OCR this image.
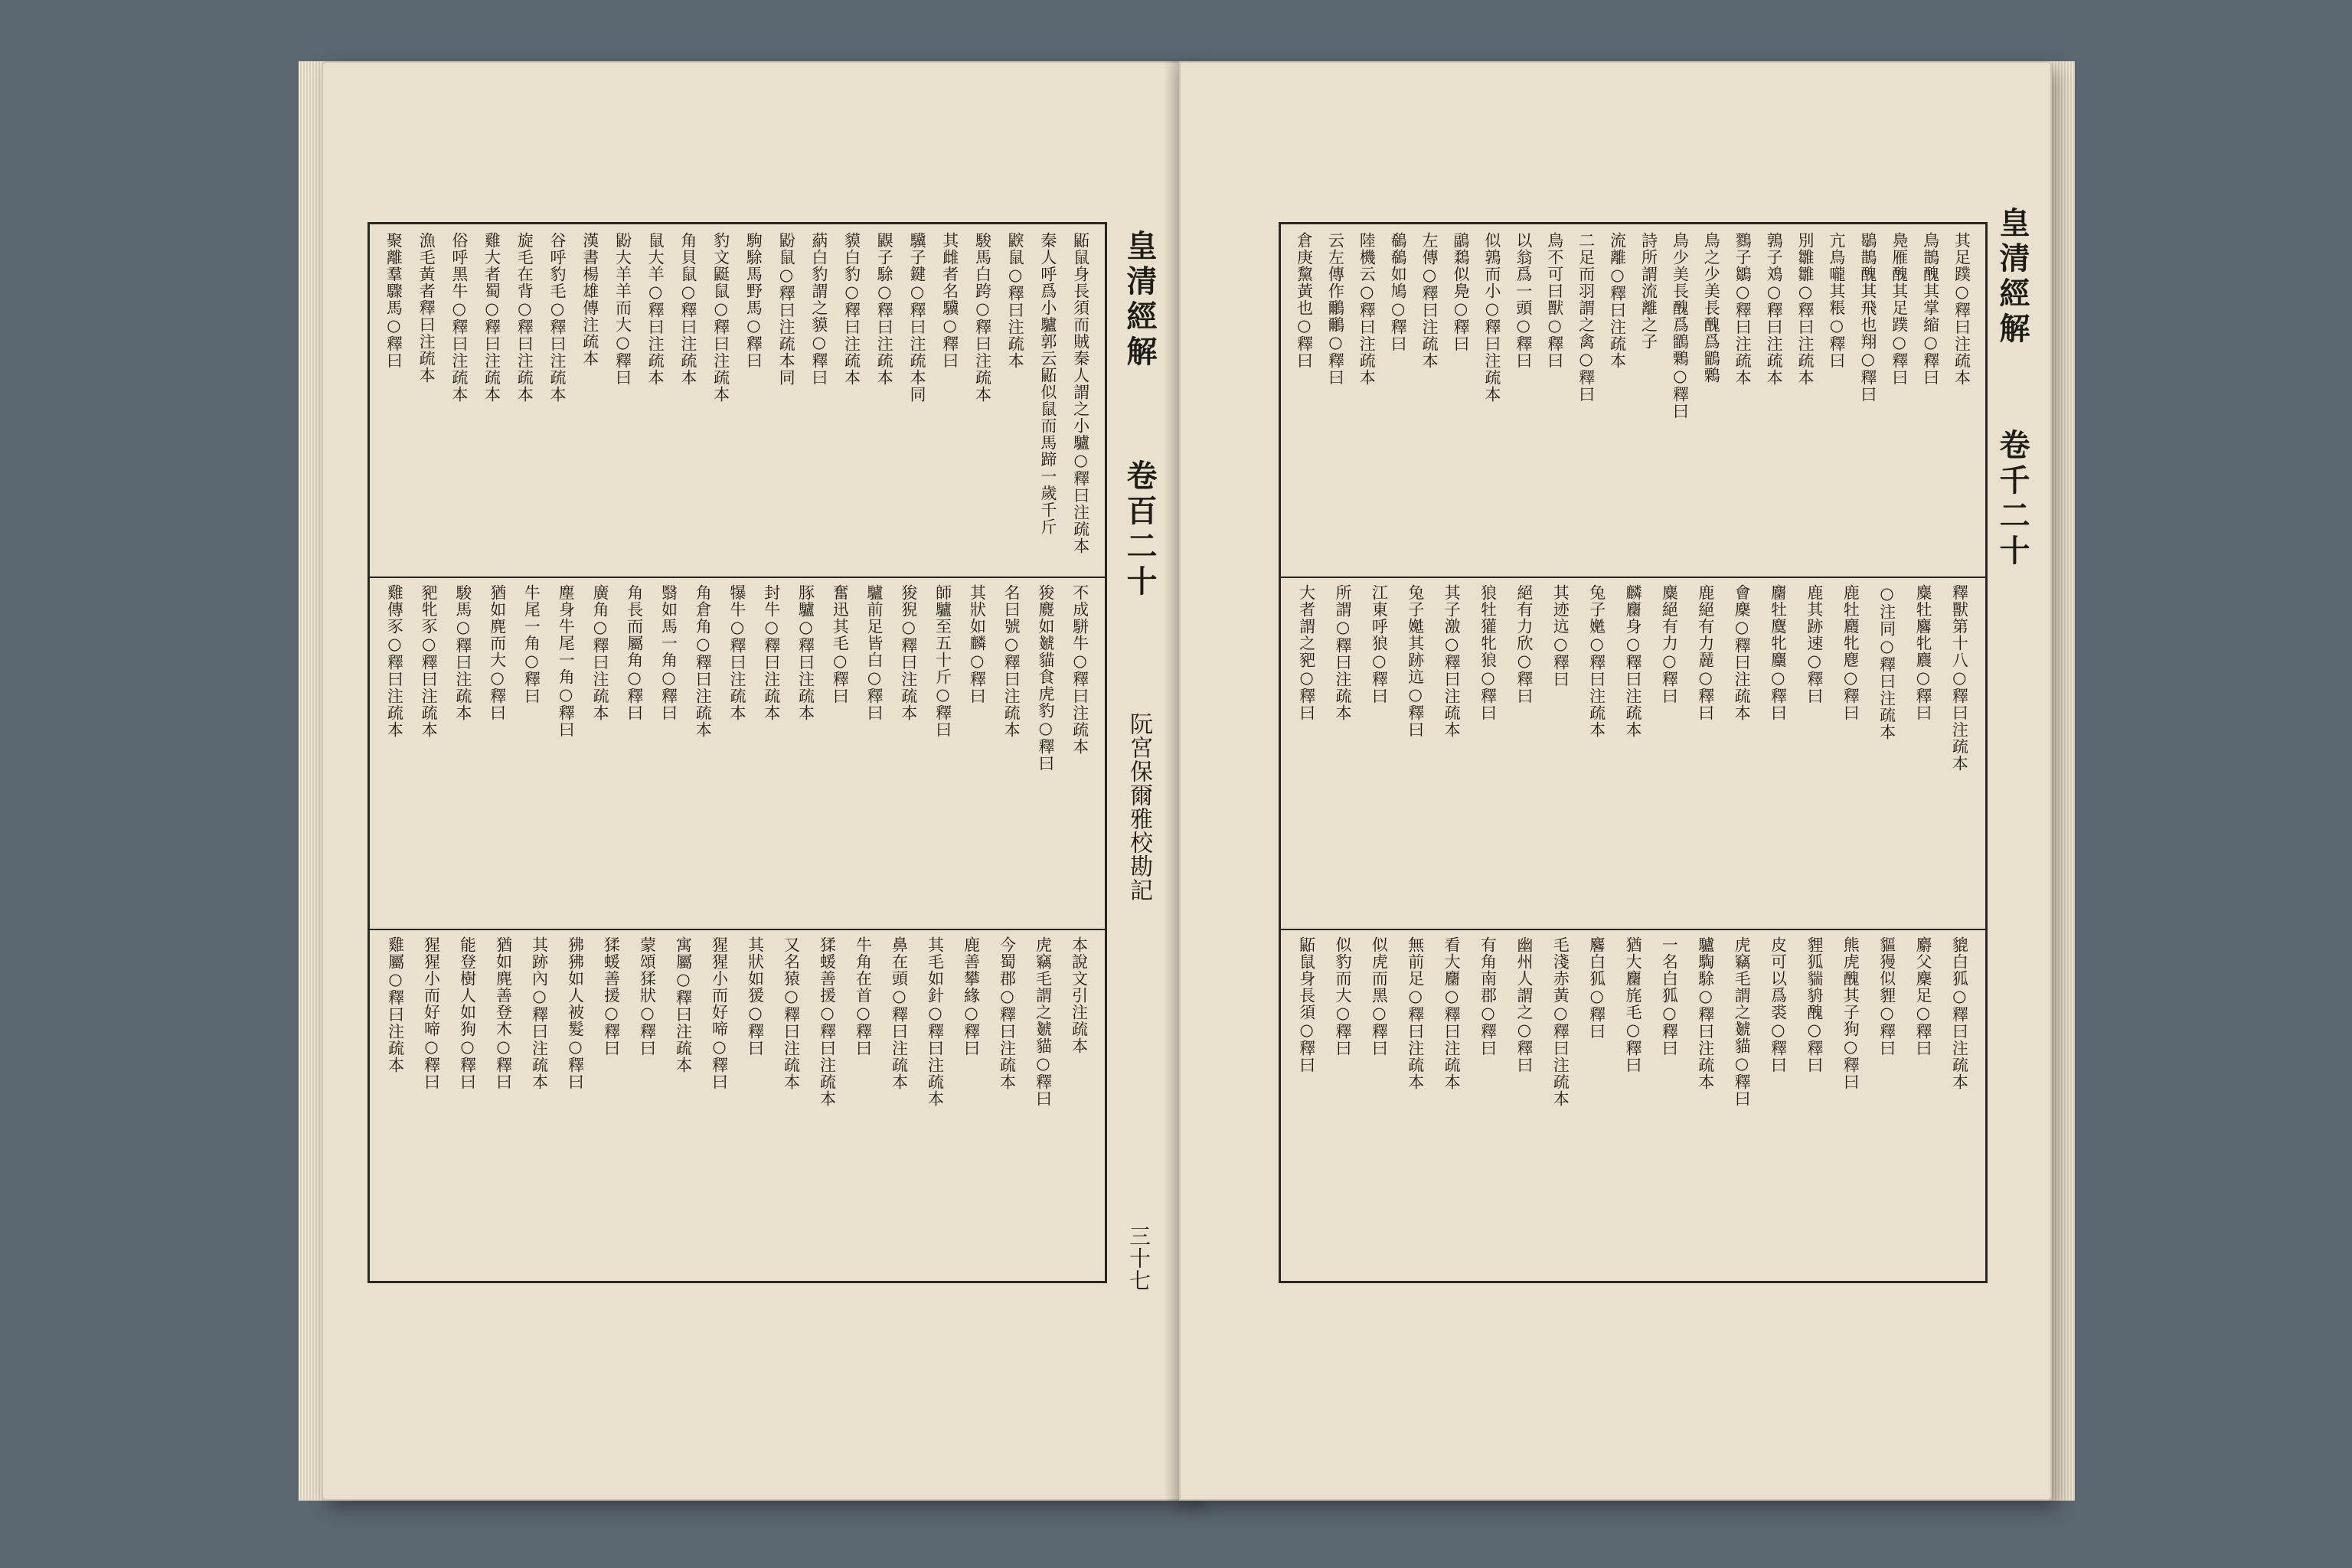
皇清經解
卷百二十
阮宮保爾雅校勘記
三十七
鼫鼠身長須而賊秦人謂之小驢○釋曰注疏本
秦人呼爲小驢郭云鼫似鼠而馬蹄一歲千斤
鼵鼠○釋曰注疏本
駿馬白跨○釋曰注疏本
其雌者名驥○釋曰
驥子鍵○釋曰注疏本同
鼳子駼○釋曰注疏本
貘白豹○釋曰注疏本
蒳白豹謂之貘○釋曰
鼢鼠○釋曰注疏本同
駒駼馬野馬○釋曰
豹文鼮鼠○釋曰注疏本
角貝鼠○釋曰注疏本
鼠大羊○釋曰注疏本
鼢大羊羊而大○釋曰
漢書楊雄傳注疏本
谷呼豹毛○釋曰注疏本
旋毛在背○釋曰注疏本
雞大者蜀○釋曰注疏本
俗呼黑牛○釋曰注疏本
漁毛黃者釋曰注疏本
聚離羣驟馬○釋曰
不成駢牛○釋曰注疏本
狻麑如虦貓食虎豹○釋曰
名曰號○釋曰注疏本
其狀如麟○釋曰
師驢至五十斤○釋曰
狻猊○釋曰注疏本
驢前足皆白○釋曰
奮迅其毛○釋曰
豚驢○釋曰注疏本
封牛○釋曰注疏本
犦牛○釋曰注疏本
角倉角○釋曰注疏本
翳如馬一角○釋曰
角長而屬角○釋曰
廣角○釋曰注疏本
塵身牛尾一角○釋曰
牛尾一角○釋曰
猶如麂而大○釋曰
駿馬○釋曰注疏本
豝牝豕○釋曰注疏本
雞傳豕○釋曰注疏本
本說文引注疏本
虎竊毛謂之虦貓○釋曰
今蜀郡○釋曰注疏本
鹿善攀緣○釋曰
其毛如針○釋曰注疏本
鼻在頭○釋曰注疏本
牛角在首○釋曰
猱蝯善援○釋曰注疏本
又名猿○釋曰注疏本
其狀如猨○釋曰
猩猩小而好啼○釋曰
寓屬○釋曰注疏本
蒙頌猱狀○釋曰
猱蝯善援○釋曰
狒狒如人被髮○釋曰
其跡內○釋曰注疏本
猶如麂善登木○釋曰
能登樹人如狗○釋曰
猩猩小而好啼○釋曰
雞屬○釋曰注疏本
皇清經解
卷千二十
其足蹼○釋曰注疏本
鳥鵲醜其掌縮○釋曰
鳧雁醜其足蹼○釋曰
鶡鵲醜其飛也翔○釋曰
亢鳥嚨其粻○釋曰
別雛雛○釋曰注疏本
鶉子鳼○釋曰注疏本
鷚子鶵○釋曰注疏本
鳥之少美長醜爲鶹鷅
鳥少美長醜爲鶹鷅○釋曰
詩所謂流離之子
流離○釋曰注疏本
二足而羽謂之禽○釋曰
鳥不可曰獸○釋曰
以翁爲一頭○釋曰
似鶉而小○釋曰注疏本
鶝鶔似鳧○釋曰
左傳○釋曰注疏本
鵗鵗如鳩○釋曰
陸機云○釋曰注疏本
云左傳作鸍鸍○釋曰
倉庚黧黃也○釋曰
釋獸第十八○釋曰注疏本
麋牡麔牝麎○釋曰
○注同○釋曰注疏本
鹿牡麚牝麀○釋曰
鹿其跡速○釋曰
麕牡麌牝麜○釋曰
會麇○釋曰注疏本
鹿絕有力麉○釋曰
麋絕有力○釋曰
麟麕身○釋曰注疏本
兔子嬎○釋曰注疏本
其迹迒○釋曰
絕有力欣○釋曰
狼牡獾牝狼○釋曰
其子激○釋曰注疏本
兔子嬔其跡迒○釋曰
江東呼狼○釋曰
所謂○釋曰注疏本
大者謂之豝○釋曰
貔白狐○釋曰注疏本
麝父麇足○釋曰
貙獌似貍○釋曰
熊虎醜其子狗○釋曰
貍狐貒貈醜○釋曰
皮可以爲裘○釋曰
虎竊毛謂之虦貓○釋曰
驢騊駼○釋曰注疏本
一名白狐○釋曰
猶大麕旄毛○釋曰
麔白狐○釋曰
毛淺赤黃○釋曰注疏本
幽州人謂之○釋曰
有角南郡○釋曰
看大麕○釋曰注疏本
無前足○釋曰注疏本
似虎而黑○釋曰
似豹而大○釋曰
鼫鼠身長須○釋曰
